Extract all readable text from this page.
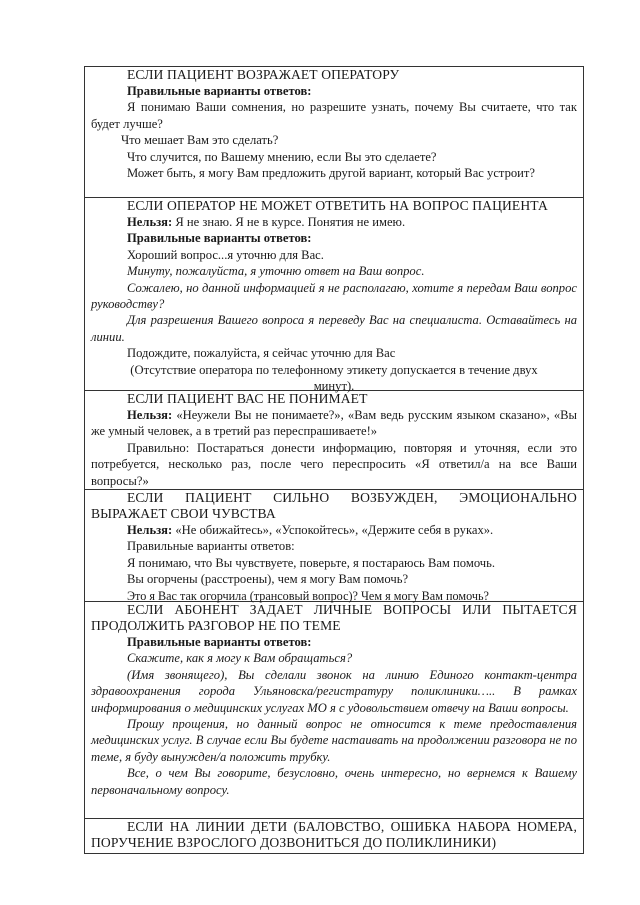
ЕСЛИ ПАЦИЕНТ ВОЗРАЖАЕТ ОПЕРАТОРУ

Правильные варианты ответов:

Я понимаю Ваши сомнения, но разрешите узнать, почему Вы считаете, что так будет лучше?

Что мешает Вам это сделать?

Что случится, по Вашему мнению, если Вы это сделаете?

Может быть, я могу Вам предложить другой вариант, который Вас устроит?

ЕСЛИ ОПЕРАТОР НЕ МОЖЕТ ОТВЕТИТЬ НА ВОПРОС ПАЦИЕНТА

Нельзя: Я не знаю. Я не в курсе. Понятия не имею.

Правильные варианты ответов:

Хороший вопрос...я уточню для Вас.

Минуту, пожалуйста, я уточню ответ на Ваш вопрос.

Сожалею, но данной информацией я не располагаю, хотите я передам Ваш вопрос руководству?

Для разрешения Вашего вопроса я переведу Вас на специалиста. Оставайтесь на линии.

Подождите, пожалуйста, я сейчас уточню для Вас

(Отсутствие оператора по телефонному этикету допускается в течение двух минут).

ЕСЛИ ПАЦИЕНТ ВАС НЕ ПОНИМАЕТ

Нельзя: «Неужели Вы не понимаете?», «Вам ведь русским языком сказано», «Вы же умный человек, а в третий раз переспрашиваете!»

Правильно: Постараться донести информацию, повторяя и уточняя, если это потребуется, несколько раз, после чего переспросить «Я ответил/а на все Ваши вопросы?»

ЕСЛИ ПАЦИЕНТ СИЛЬНО ВОЗБУЖДЕН, ЭМОЦИОНАЛЬНО
ВЫРАЖАЕТ СВОИ ЧУВСТВА

Нельзя: «Не обижайтесь», «Успокойтесь», «Держите себя в руках».

Правильные варианты ответов:

Я понимаю, что Вы чувствуете, поверьте, я постараюсь Вам помочь.

Вы огорчены (расстроены), чем я могу Вам помочь?

Это я Вас так огорчила (трансовый вопрос)? Чем я могу Вам помочь?

ЕСЛИ АБОНЕНТ ЗАДАЕТ ЛИЧНЫЕ ВОПРОСЫ ИЛИ ПЫТАЕТСЯ ПРОДОЛЖИТЬ РАЗГОВОР НЕ ПО ТЕМЕ

Правильные варианты ответов:

Скажите, как я могу к Вам обращаться?

(Имя звонящего), Вы сделали звонок на линию Единого контакт-центра здравоохранения города Ульяновска/регистратуру поликлиники….. В рамках информирования о медицинских услугах МО я с удовольствием отвечу на Ваши вопросы.

Прошу прощения, но данный вопрос не относится к теме предоставления медицинских услуг. В случае если Вы будете настаивать на продолжении разговора не по теме, я буду вынужден/а положить трубку.

Все, о чем Вы говорите, безусловно, очень интересно, но вернемся к Вашему первоначальному вопросу.

ЕСЛИ НА ЛИНИИ ДЕТИ (БАЛОВСТВО, ОШИБКА НАБОРА НОМЕРА, ПОРУЧЕНИЕ ВЗРОСЛОГО ДОЗВОНИТЬСЯ ДО ПОЛИКЛИНИКИ)
